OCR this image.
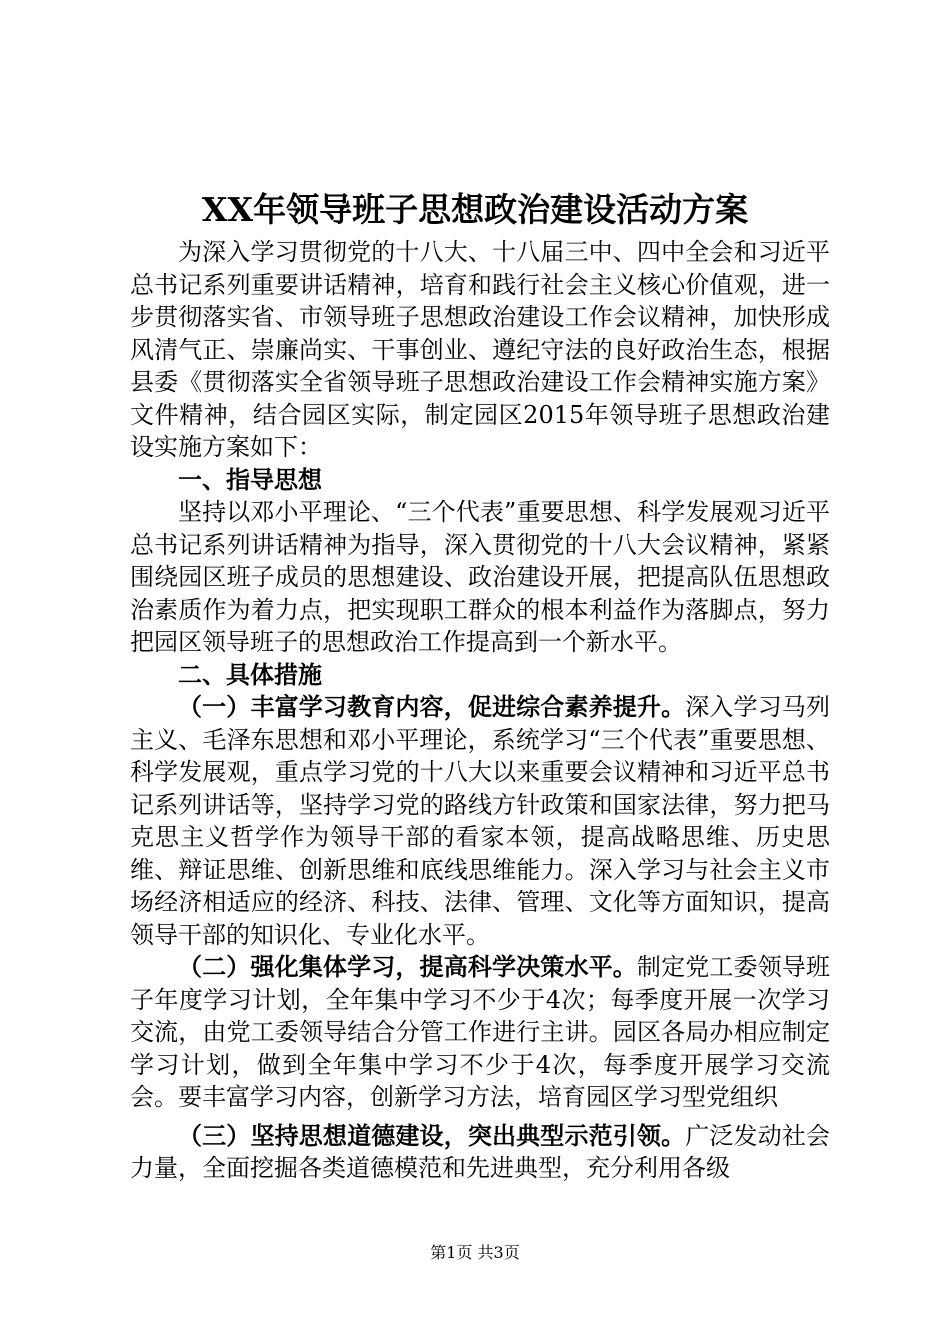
XX年领导班子思想政治建设活动方案

为深入学习贯彻党的十八大、十八届三中、四中全会和习近平总书记系列重要讲话精神，培育和践行社会主义核心价值观，进一步贯彻落实省、市领导班子思想政治建设工作会议精神，加快形成风清气正、崇廉尚实、干事创业、遵纪守法的良好政治生态，根据县委《贯彻落实全省领导班子思想政治建设工作会精神实施方案》文件精神，结合园区实际，制定园区2015年领导班子思想政治建设实施方案如下：

一、指导思想

坚持以邓小平理论、“三个代表”重要思想、科学发展观习近平总书记系列讲话精神为指导，深入贯彻党的十八大会议精神，紧紧围绕园区班子成员的思想建设、政治建设开展，把提高队伍思想政治素质作为着力点，把实现职工群众的根本利益作为落脚点，努力把园区领导班子的思想政治工作提高到一个新水平。

二、具体措施

（一）丰富学习教育内容，促进综合素养提升。深入学习马列主义、毛泽东思想和邓小平理论，系统学习“三个代表”重要思想、科学发展观，重点学习党的十八大以来重要会议精神和习近平总书记系列讲话等，坚持学习党的路线方针政策和国家法律，努力把马克思主义哲学作为领导干部的看家本领，提高战略思维、历史思维、辩证思维、创新思维和底线思维能力。深入学习与社会主义市场经济相适应的经济、科技、法律、管理、文化等方面知识，提高领导干部的知识化、专业化水平。

（二）强化集体学习，提高科学决策水平。制定党工委领导班子年度学习计划，全年集中学习不少于4次；每季度开展一次学习交流，由党工委领导结合分管工作进行主讲。园区各局办相应制定学习计划，做到全年集中学习不少于4次，每季度开展学习交流会。要丰富学习内容，创新学习方法，培育园区学习型党组织

（三）坚持思想道德建设，突出典型示范引领。广泛发动社会力量，全面挖掘各类道德模范和先进典型，充分利用各级

第1页 共3页
